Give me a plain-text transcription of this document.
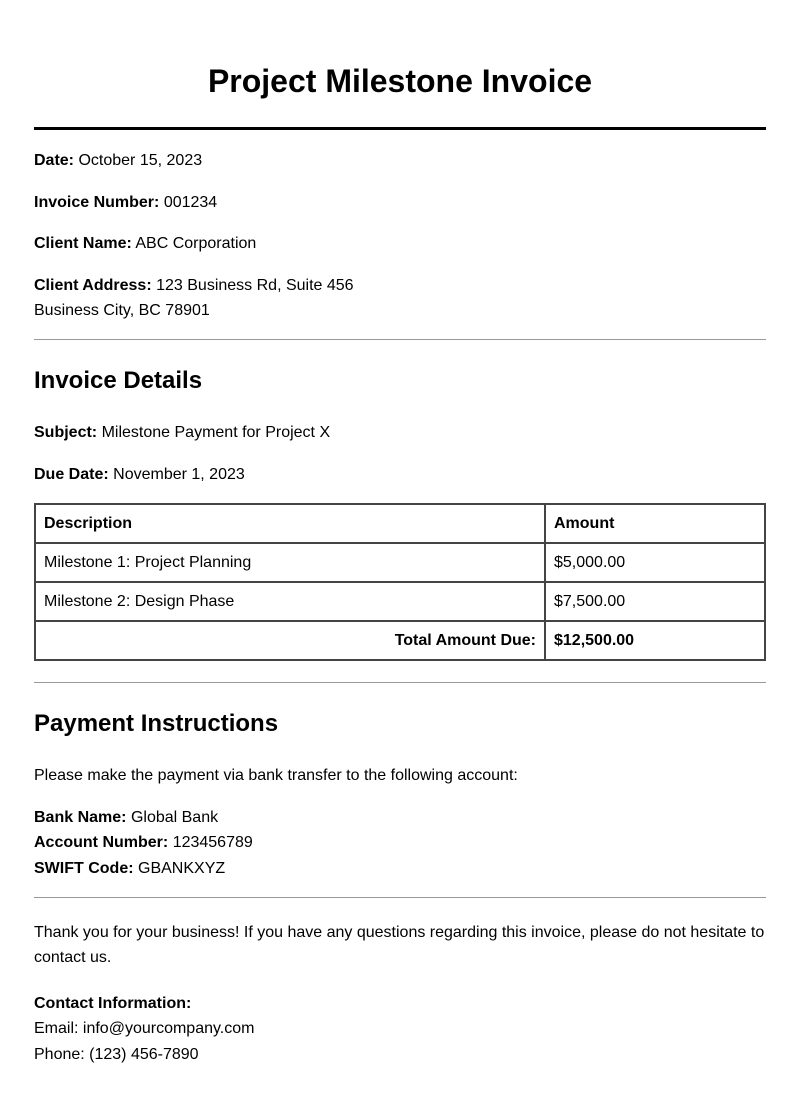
Project Milestone Invoice
Date: October 15, 2023
Invoice Number: 001234
Client Name: ABC Corporation
Client Address: 123 Business Rd, Suite 456
Business City, BC 78901
Invoice Details
Subject: Milestone Payment for Project X
Due Date: November 1, 2023
Description	Amount
Milestone 1: Project Planning	$5,000.00
Milestone 2: Design Phase	$7,500.00
Total Amount Due:	$12,500.00
Payment Instructions
Please make the payment via bank transfer to the following account:
Bank Name: Global Bank
Account Number: 123456789
SWIFT Code: GBANKXYZ
Thank you for your business! If you have any questions regarding this invoice, please do not hesitate to contact us.
Contact Information:
Email: info@yourcompany.com
Phone: (123) 456-7890
